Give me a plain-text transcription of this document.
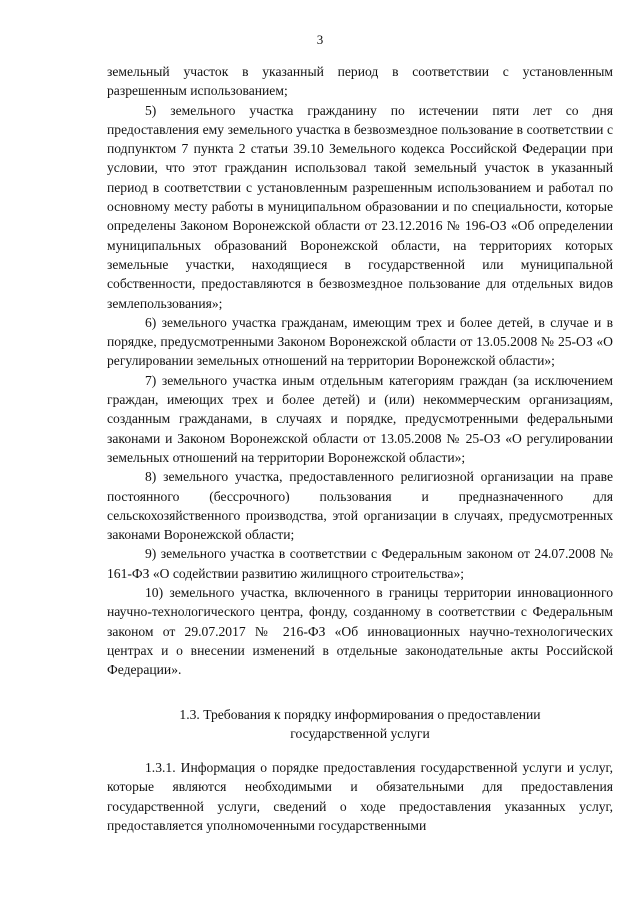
3

земельный участок в указанный период в соответствии с установленным разрешенным использованием;

5) земельного участка гражданину по истечении пяти лет со дня предоставления ему земельного участка в безвозмездное пользование в соответствии с подпунктом 7 пункта 2 статьи 39.10 Земельного кодекса Российской Федерации при условии, что этот гражданин использовал такой земельный участок в указанный период в соответствии с установленным разрешенным использованием и работал по основному месту работы в муниципальном образовании и по специальности, которые определены Законом Воронежской области от 23.12.2016 № 196-ОЗ «Об определении муниципальных образований Воронежской области, на территориях которых земельные участки, находящиеся в государственной или муниципальной собственности, предоставляются в безвозмездное пользование для отдельных видов землепользования»;

6) земельного участка гражданам, имеющим трех и более детей, в случае и в порядке, предусмотренными Законом Воронежской области от 13.05.2008 № 25-ОЗ «О регулировании земельных отношений на территории Воронежской области»;

7) земельного участка иным отдельным категориям граждан (за исключением граждан, имеющих трех и более детей) и (или) некоммерческим организациям, созданным гражданами, в случаях и порядке, предусмотренными федеральными законами и Законом Воронежской области от 13.05.2008 № 25-ОЗ «О регулировании земельных отношений на территории Воронежской области»;

8) земельного участка, предоставленного религиозной организации на праве постоянного (бессрочного) пользования и предназначенного для сельскохозяйственного производства, этой организации в случаях, предусмотренных законами Воронежской области;

9) земельного участка в соответствии с Федеральным законом от 24.07.2008 № 161-ФЗ «О содействии развитию жилищного строительства»;

10) земельного участка, включенного в границы территории инновационного научно-технологического центра, фонду, созданному в соответствии с Федеральным законом от 29.07.2017 № 216-ФЗ «Об инновационных научно-технологических центрах и о внесении изменений в отдельные законодательные акты Российской Федерации».

1.3. Требования к порядку информирования о предоставлении
государственной услуги

1.3.1. Информация о порядке предоставления государственной услуги и услуг, которые являются необходимыми и обязательными для предоставления государственной услуги, сведений о ходе предоставления указанных услуг, предоставляется уполномоченными государственными
